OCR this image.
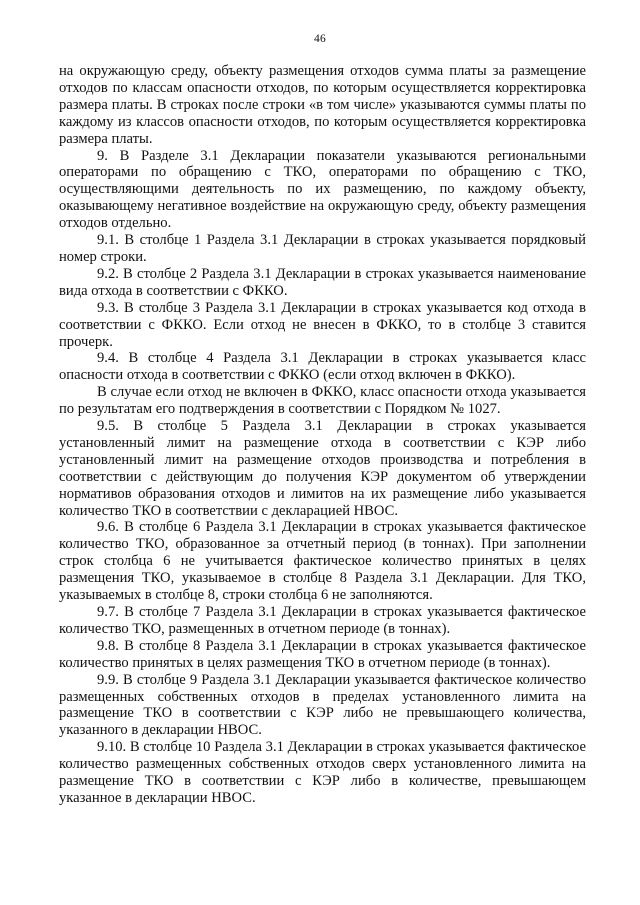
46

на окружающую среду, объекту размещения отходов сумма платы за размещение отходов по классам опасности отходов, по которым осуществляется корректировка размера платы. В строках после строки «в том числе» указываются суммы платы по каждому из классов опасности отходов, по которым осуществляется корректировка размера платы.

9. В Разделе 3.1 Декларации показатели указываются региональными операторами по обращению с ТКО, операторами по обращению с ТКО, осуществляющими деятельность по их размещению, по каждому объекту, оказывающему негативное воздействие на окружающую среду, объекту размещения отходов отдельно.

9.1. В столбце 1 Раздела 3.1 Декларации в строках указывается порядковый номер строки.

9.2. В столбце 2 Раздела 3.1 Декларации в строках указывается наименование вида отхода в соответствии с ФККО.

9.3. В столбце 3 Раздела 3.1 Декларации в строках указывается код отхода в соответствии с ФККО. Если отход не внесен в ФККО, то в столбце 3 ставится прочерк.

9.4. В столбце 4 Раздела 3.1 Декларации в строках указывается класс опасности отхода в соответствии с ФККО (если отход включен в ФККО).

В случае если отход не включен в ФККО, класс опасности отхода указывается по результатам его подтверждения в соответствии с Порядком № 1027.

9.5. В столбце 5 Раздела 3.1 Декларации в строках указывается установленный лимит на размещение отхода в соответствии с КЭР либо установленный лимит на размещение отходов производства и потребления в соответствии с действующим до получения КЭР документом об утверждении нормативов образования отходов и лимитов на их размещение либо указывается количество ТКО в соответствии с декларацией НВОС.

9.6. В столбце 6 Раздела 3.1 Декларации в строках указывается фактическое количество ТКО, образованное за отчетный период (в тоннах). При заполнении строк столбца 6 не учитывается фактическое количество принятых в целях размещения ТКО, указываемое в столбце 8 Раздела 3.1 Декларации. Для ТКО, указываемых в столбце 8, строки столбца 6 не заполняются.

9.7. В столбце 7 Раздела 3.1 Декларации в строках указывается фактическое количество ТКО, размещенных в отчетном периоде (в тоннах).

9.8. В столбце 8 Раздела 3.1 Декларации в строках указывается фактическое количество принятых в целях размещения ТКО в отчетном периоде (в тоннах).

9.9. В столбце 9 Раздела 3.1 Декларации указывается фактическое количество размещенных собственных отходов в пределах установленного лимита на размещение ТКО в соответствии с КЭР либо не превышающего количества, указанного в декларации НВОС.

9.10. В столбце 10 Раздела 3.1 Декларации в строках указывается фактическое количество размещенных собственных отходов сверх установленного лимита на размещение ТКО в соответствии с КЭР либо в количестве, превышающем указанное в декларации НВОС.
